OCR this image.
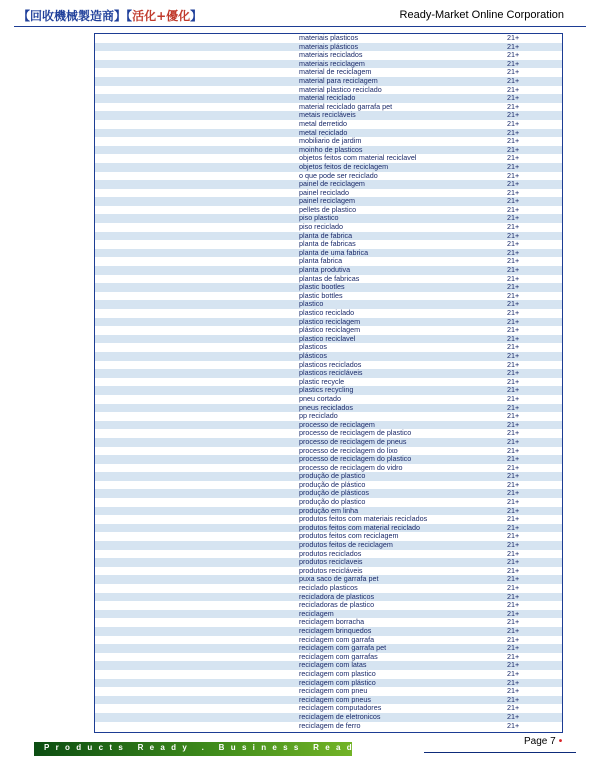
【回收機械製造商】【活化+優化】	Ready-Market Online Corporation
materiais plasticos	21+
materiais plásticos	21+
materiais reciclados	21+
materiais reciclagem	21+
material de reciclagem	21+
material para reciclagem	21+
material plastico reciclado	21+
material reciclado	21+
material reciclado garrafa pet	21+
metais recicláveis	21+
metal derretido	21+
metal reciclado	21+
mobiliario de jardim	21+
moinho de plasticos	21+
objetos feitos com material reciclavel	21+
objetos feitos de reciclagem	21+
o que pode ser reciclado	21+
painel de reciclagem	21+
painel reciclado	21+
painel reciclagem	21+
pellets de plastico	21+
piso plastico	21+
piso reciclado	21+
planta de fabrica	21+
planta de fabricas	21+
planta de uma fabrica	21+
planta fabrica	21+
planta produtiva	21+
plantas de fabricas	21+
plastic bootles	21+
plastic bottles	21+
plastico	21+
plastico reciclado	21+
plastico reciclagem	21+
plástico reciclagem	21+
plastico reciclavel	21+
plasticos	21+
plásticos	21+
plasticos reciclados	21+
plasticos recicláveis	21+
plastic recycle	21+
plastics recycling	21+
pneu cortado	21+
pneus reciclados	21+
pp reciclado	21+
processo de reciclagem	21+
processo de reciclagem de plastico	21+
processo de reciclagem de pneus	21+
processo de reciclagem do lixo	21+
processo de reciclagem do plastico	21+
processo de reciclagem do vidro	21+
produção de plastico	21+
produção de plástico	21+
produção de plásticos	21+
produção do plastico	21+
produção em linha	21+
produtos feitos com materiais reciclados	21+
produtos feitos com material reciclado	21+
produtos feitos com reciclagem	21+
produtos feitos de reciclagem	21+
produtos reciclados	21+
produtos reciclaveis	21+
produtos recicláveis	21+
puxa saco de garrafa pet	21+
reciclado plasticos	21+
recicladora de plasticos	21+
recicladoras de plastico	21+
reciclagem	21+
reciclagem borracha	21+
reciclagem brinquedos	21+
reciclagem com garrafa	21+
reciclagem com garrafa pet	21+
reciclagem com garrafas	21+
reciclagem com latas	21+
reciclagem com plastico	21+
reciclagem com plástico	21+
reciclagem com pneu	21+
reciclagem com pneus	21+
reciclagem computadores	21+
reciclagem de eletronicos	21+
reciclagem de ferro	21+
Products Ready . Business Ready
Page 7 •
